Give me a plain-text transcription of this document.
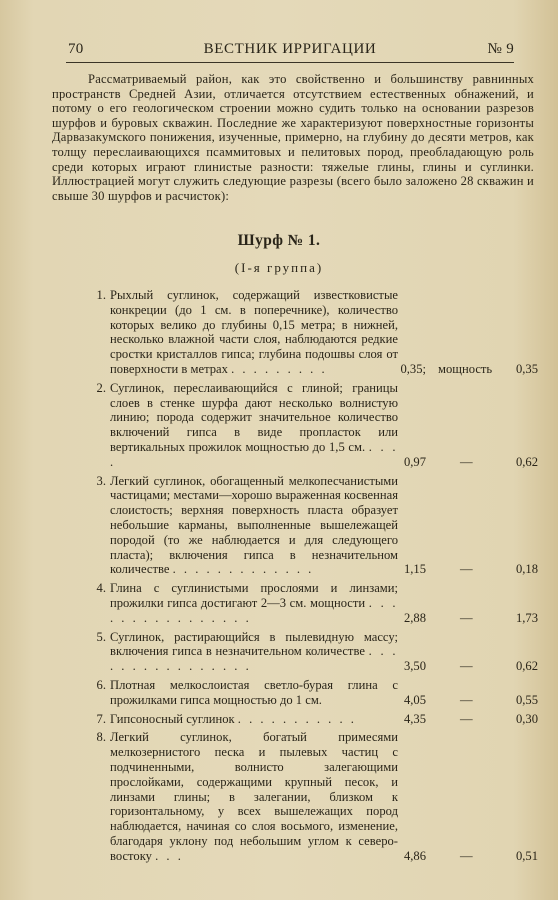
70	ВЕСТНИК ИРРИГАЦИИ	№ 9

Рассматриваемый район, как это свойственно и большинству равнинных пространств Средней Азии, отличается отсутствием естественных обнажений, и потому о его геологическом строении можно судить только на основании разрезов шурфов и буровых скважин. Последние же характеризуют поверхностные горизонты Дарвазакумского понижения, изученные, примерно, на глубину до десяти метров, как толщу переслаивающихся псаммитовых и пелитовых пород, преобладающую роль среди которых играют глинистые разности: тяжелые глины, глины и суглинки. Иллюстрацией могут служить следующие разрезы (всего было заложено 28 скважин и свыше 30 шурфов и расчисток):

Шурф № 1.
(I-я группа)
1. Рыхлый суглинок, содержащий известковистые конкреции (до 1 см. в поперечнике), количество которых велико до глубины 0,15 метра; в нижней, несколько влажной части слоя, наблюдаются редкие сростки кристаллов гипса; глубина подошвы слоя от поверхности в метрах . . . . . . . . .	0,35; мощность	0,35
2. Суглинок, переслаивающийся с глиной; границы слоев в стенке шурфа дают несколько волнистую линию; порода содержит значительное количество включений гипса в виде пропласток или вертикальных прожилок мощностью до 1,5 см. . . . .	0,97	—	0,62
3. Легкий суглинок, обогащенный мелкопесчанистыми частицами; местами—хорошо выраженная косвенная слоистость; верхняя поверхность пласта образует небольшие карманы, выполненные вышележащей породой (то же наблюдается и для следующего пласта); включения гипса в незначительном количестве . . . . . . . . . . . . .	1,15	—	0,18
4. Глина с суглинистыми прослоями и линзами; прожилки гипса достигают 2—3 см. мощности . . . . . . . . . . . . . . . .	2,88	—	1,73
5. Суглинок, растирающийся в пылевидную массу; включения гипса в незначительном количестве . . . . . . . . . . . . . . . .	3,50	—	0,62
6. Плотная мелкослоистая светло-бурая глина с прожилками гипса мощностью до 1 см.	4,05	—	0,55
7. Гипсоносный суглинок . . . . . . . . . . .	4,35	—	0,30
8. Легкий суглинок, богатый примесями мелкозернистого песка и пылевых частиц с подчиненными, волнисто залегающими прослойками, содержащими крупный песок, и линзами глины; в залегании, близком к горизонтальному, у всех вышележащих пород наблюдается, начиная со слоя восьмого, изменение, благодаря уклону под небольшим углом к северо-востоку . . .	4,86	—	0,51
